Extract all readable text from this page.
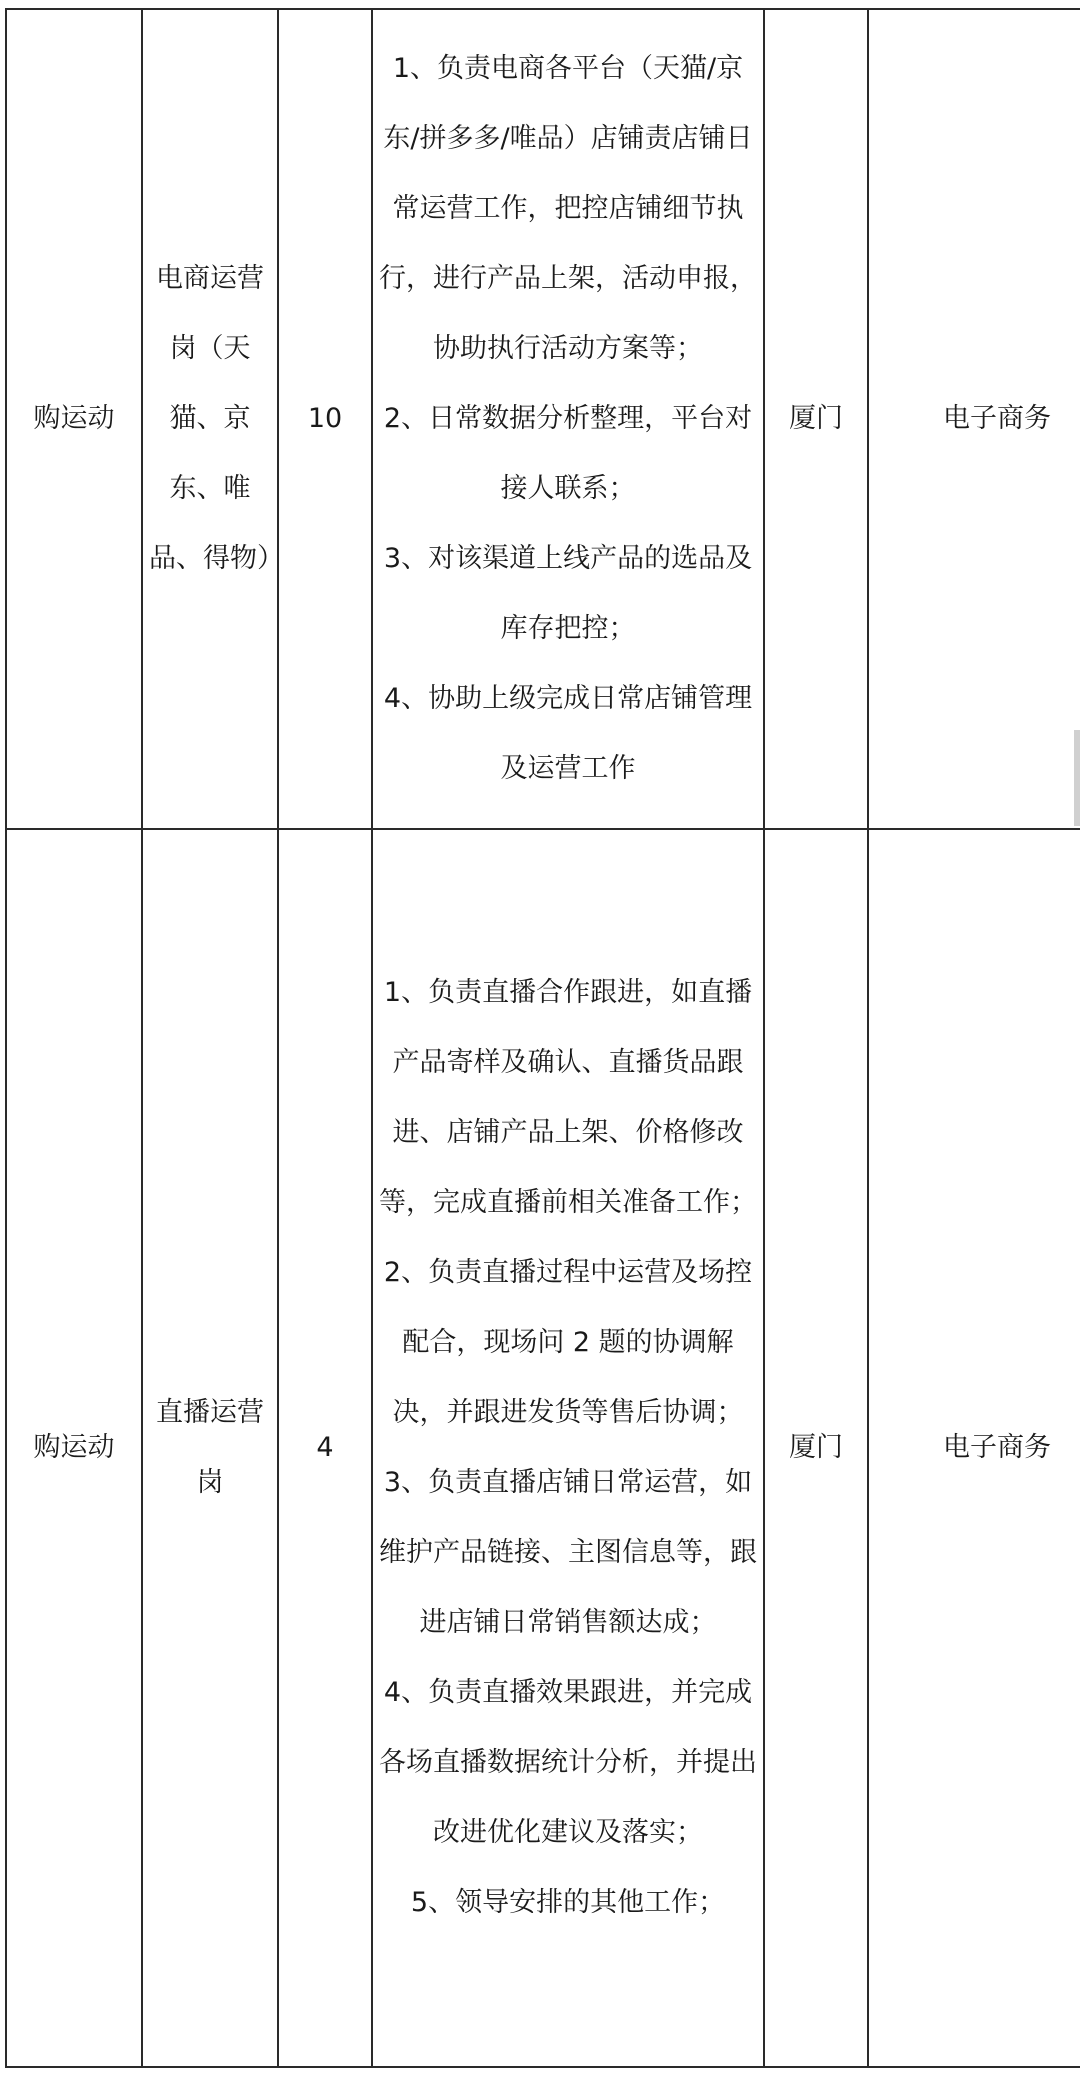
购运动	电商运营岗（天猫、京东、唯品、得物）	10	1、负责电商各平台（天猫/京东/拼多多/唯品）店铺责店铺日常运营工作，把控店铺细节执行，进行产品上架，活动申报，协助执行活动方案等；
2、日常数据分析整理，平台对接人联系；
3、对该渠道上线产品的选品及库存把控；
4、协助上级完成日常店铺管理及运营工作	厦门	电子商务
购运动	直播运营岗	4	1、负责直播合作跟进，如直播产品寄样及确认、直播货品跟进、店铺产品上架、价格修改等，完成直播前相关准备工作；
2、负责直播过程中运营及场控配合，现场问 2 题的协调解决，并跟进发货等售后协调；
3、负责直播店铺日常运营，如维护产品链接、主图信息等，跟进店铺日常销售额达成；
4、负责直播效果跟进，并完成各场直播数据统计分析，并提出改进优化建议及落实；
5、领导安排的其他工作；	厦门	电子商务
